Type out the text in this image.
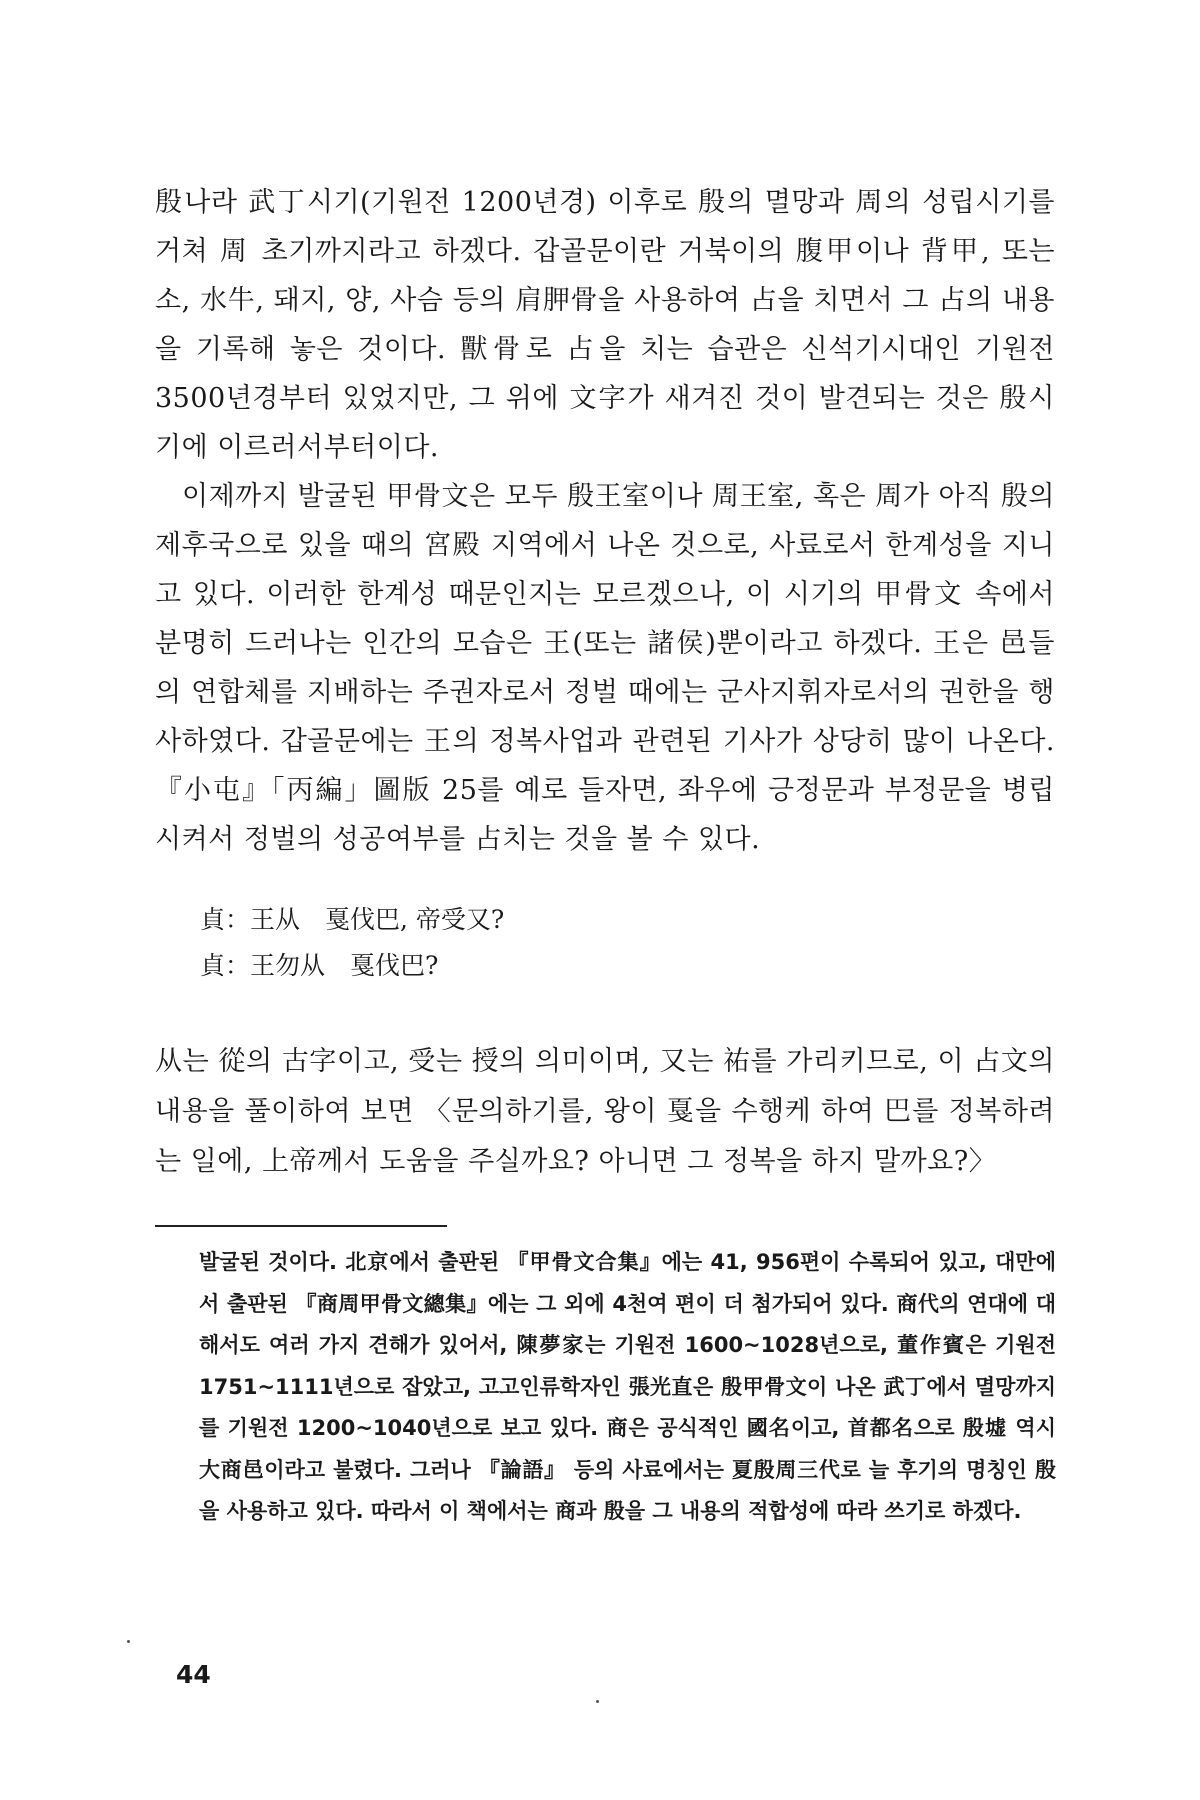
殷나라 武丁시기(기원전 1200년경) 이후로 殷의 멸망과 周의 성립시기를 거쳐 周 초기까지라고 하겠다. 갑골문이란 거북이의 腹甲이나 背甲, 또는 소, 水牛, 돼지, 양, 사슴 등의 肩胛骨을 사용하여 占을 치면서 그 占의 내용을 기록해 놓은 것이다. 獸骨로 占을 치는 습관은 신석기시대인 기원전 3500년경부터 있었지만, 그 위에 文字가 새겨진 것이 발견되는 것은 殷시기에 이르러서부터이다.

이제까지 발굴된 甲骨文은 모두 殷王室이나 周王室, 혹은 周가 아직 殷의 제후국으로 있을 때의 宮殿 지역에서 나온 것으로, 사료로서 한계성을 지니고 있다. 이러한 한계성 때문인지는 모르겠으나, 이 시기의 甲骨文 속에서 분명히 드러나는 인간의 모습은 王(또는 諸侯)뿐이라고 하겠다. 王은 邑들의 연합체를 지배하는 주권자로서 정벌 때에는 군사지휘자로서의 권한을 행사하였다. 갑골문에는 王의 정복사업과 관련된 기사가 상당히 많이 나온다. 『小屯』「丙編」圖版 25를 예로 들자면, 좌우에 긍정문과 부정문을 병립시켜서 정벌의 성공여부를 占치는 것을 볼 수 있다.

貞：王从　戛伐巴, 帝受又?
貞：王勿从　戛伐巴?

从는 從의 古字이고, 受는 授의 의미이며, 又는 祐를 가리키므로, 이 占文의 내용을 풀이하여 보면 〈문의하기를, 왕이 戛을 수행케 하여 巴를 정복하려는 일에, 上帝께서 도움을 주실까요? 아니면 그 정복을 하지 말까요?〉

발굴된 것이다. 北京에서 출판된 『甲骨文合集』에는 41, 956편이 수록되어 있고, 대만에서 출판된 『商周甲骨文總集』에는 그 외에 4천여 편이 더 첨가되어 있다. 商代의 연대에 대해서도 여러 가지 견해가 있어서, 陳夢家는 기원전 1600~1028년으로, 董作賓은 기원전 1751~1111년으로 잡았고, 고고인류학자인 張光直은 殷甲骨文이 나온 武丁에서 멸망까지를 기원전 1200~1040년으로 보고 있다. 商은 공식적인 國名이고, 首都名으로 殷墟 역시 大商邑이라고 불렸다. 그러나 『論語』 등의 사료에서는 夏殷周三代로 늘 후기의 명칭인 殷을 사용하고 있다. 따라서 이 책에서는 商과 殷을 그 내용의 적합성에 따라 쓰기로 하겠다.

44
